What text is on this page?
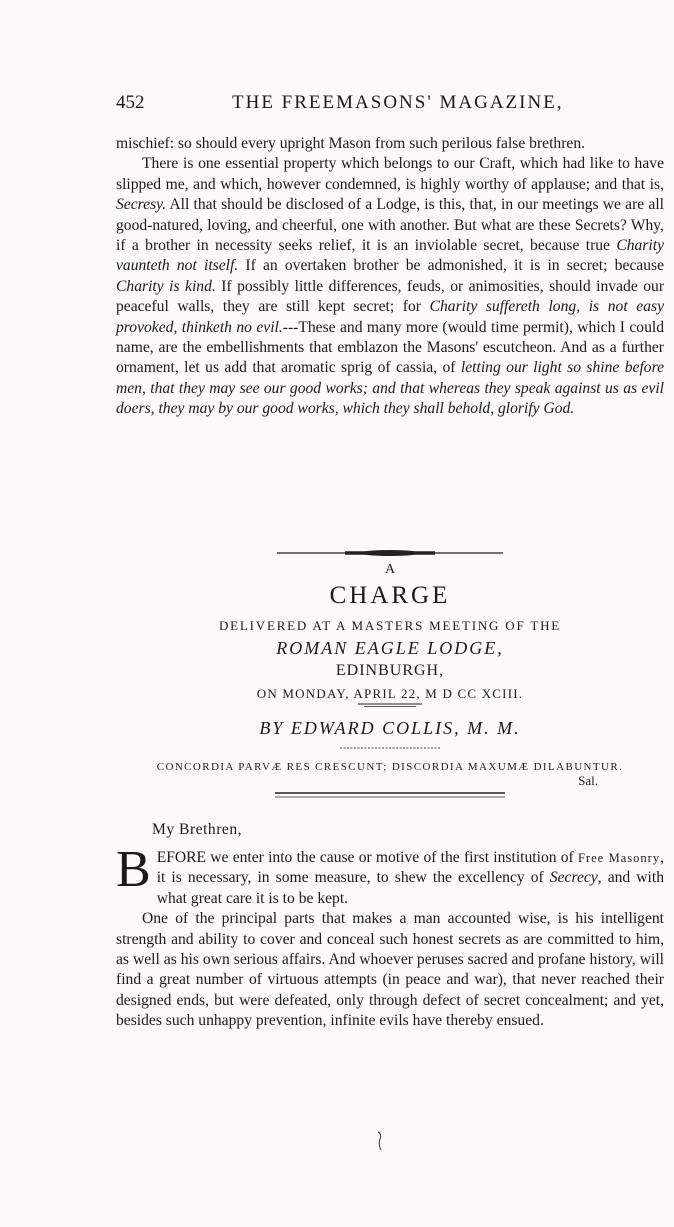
452	THE FREEMASONS' MAGAZINE,

mischief: so should every upright Mason from such perilous false brethren.

There is one essential property which belongs to our Craft, which had like to have slipped me, and which, however condemned, is highly worthy of applause; and that is, Secresy. All that should be disclosed of a Lodge, is this, that, in our meetings we are all good-natured, loving, and cheerful, one with another. But what are these Secrets? Why, if a brother in necessity seeks relief, it is an inviolable secret, because true Charity vaunteth not itself. If an overtaken brother be admonished, it is in secret; because Charity is kind. If possibly little differences, feuds, or animosities, should invade our peaceful walls, they are still kept secret; for Charity suffereth long, is not easy provoked, thinketh no evil.---These and many more (would time permit), which I could name, are the embellishments that emblazon the Masons' escutcheon. And as a further ornament, let us add that aromatic sprig of cassia, of letting our light so shine before men, that they may see our good works; and that whereas they speak against us as evil doers, they may by our good works, which they shall behold, glorify God.

A
CHARGE
DELIVERED AT A MASTERS MEETING OF THE
ROMAN EAGLE LODGE,
EDINBURGH,
ON MONDAY, APRIL 22, M D CC XCIII.
BY EDWARD COLLIS, M. M.
CONCORDIA PARVÆ RES CRESCUNT; DISCORDIA MAXUMÆ DILABUNTUR.
Sal.
My Brethren,

BEFORE we enter into the cause or motive of the first institution of Free Masonry, it is necessary, in some measure, to shew the excellency of Secrecy, and with what great care it is to be kept.

One of the principal parts that makes a man accounted wise, is his intelligent strength and ability to cover and conceal such honest secrets as are committed to him, as well as his own serious affairs. And whoever peruses sacred and profane history, will find a great number of virtuous attempts (in peace and war), that never reached their designed ends, but were defeated, only through defect of secret concealment; and yet, besides such unhappy prevention, infinite evils have thereby ensued.
